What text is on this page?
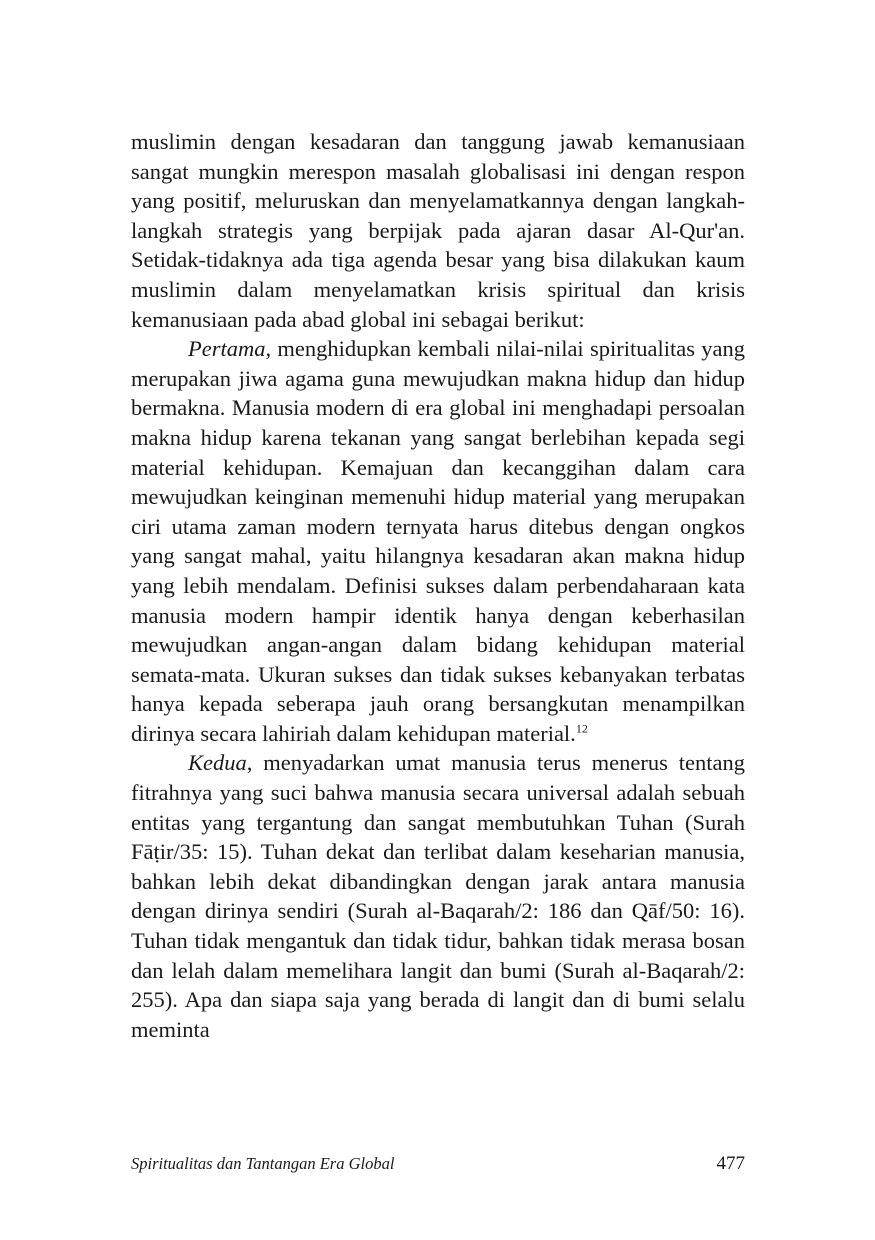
muslimin dengan kesadaran dan tanggung jawab kemanusiaan sangat mungkin merespon masalah globalisasi ini dengan respon yang positif, meluruskan dan menyelamatkannya dengan langkah-langkah strategis yang berpijak pada ajaran dasar Al-Qur'an. Setidak-tidaknya ada tiga agenda besar yang bisa dilakukan kaum muslimin dalam menyelamatkan krisis spiritual dan krisis kemanusiaan pada abad global ini sebagai berikut:

Pertama, menghidupkan kembali nilai-nilai spiritualitas yang merupakan jiwa agama guna mewujudkan makna hidup dan hidup bermakna. Manusia modern di era global ini menghadapi persoalan makna hidup karena tekanan yang sangat berlebihan kepada segi material kehidupan. Kemajuan dan kecanggihan dalam cara mewujudkan keinginan memenuhi hidup material yang merupakan ciri utama zaman modern ternyata harus ditebus dengan ongkos yang sangat mahal, yaitu hilangnya kesadaran akan makna hidup yang lebih mendalam. Definisi sukses dalam perbendaharaan kata manusia modern hampir identik hanya dengan keberhasilan mewujudkan angan-angan dalam bidang kehidupan material semata-mata. Ukuran sukses dan tidak sukses kebanyakan terbatas hanya kepada seberapa jauh orang bersangkutan menampilkan dirinya secara lahiriah dalam kehidupan material.$^{12}$

Kedua, menyadarkan umat manusia terus menerus tentang fitrahnya yang suci bahwa manusia secara universal adalah sebuah entitas yang tergantung dan sangat membutuhkan Tuhan (Surah Fāṭir/35: 15). Tuhan dekat dan terlibat dalam keseharian manusia, bahkan lebih dekat dibandingkan dengan jarak antara manusia dengan dirinya sendiri (Surah al-Baqarah/2: 186 dan Qāf/50: 16). Tuhan tidak mengantuk dan tidak tidur, bahkan tidak merasa bosan dan lelah dalam memelihara langit dan bumi (Surah al-Baqarah/2: 255). Apa dan siapa saja yang berada di langit dan di bumi selalu meminta

Spiritualitas dan Tantangan Era Global	477
